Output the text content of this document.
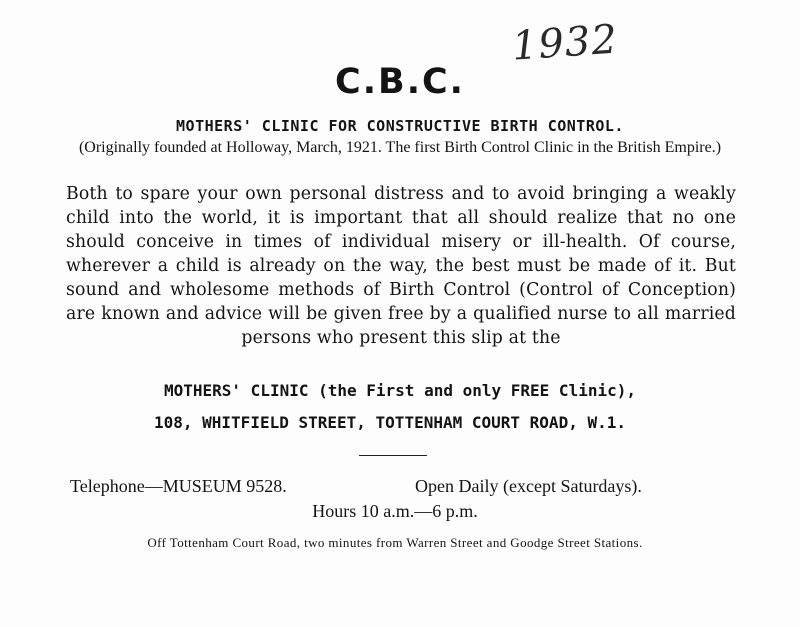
1932
C.B.C.
MOTHERS' CLINIC FOR CONSTRUCTIVE BIRTH CONTROL.
(Originally founded at Holloway, March, 1921. The first Birth Control Clinic in the British Empire.)
Both to spare your own personal distress and to avoid bringing a weakly child into the world, it is important that all should realize that no one should conceive in times of individual misery or ill-health. Of course, wherever a child is already on the way, the best must be made of it. But sound and wholesome methods of Birth Control (Control of Conception) are known and advice will be given free by a qualified nurse to all married persons who present this slip at the
MOTHERS' CLINIC (the First and only FREE Clinic),
108, WHITFIELD STREET, TOTTENHAM COURT ROAD, W.1.
Telephone—MUSEUM 9528.	Open Daily (except Saturdays).
Hours 10 a.m.—6 p.m.
Off Tottenham Court Road, two minutes from Warren Street and Goodge Street Stations.
